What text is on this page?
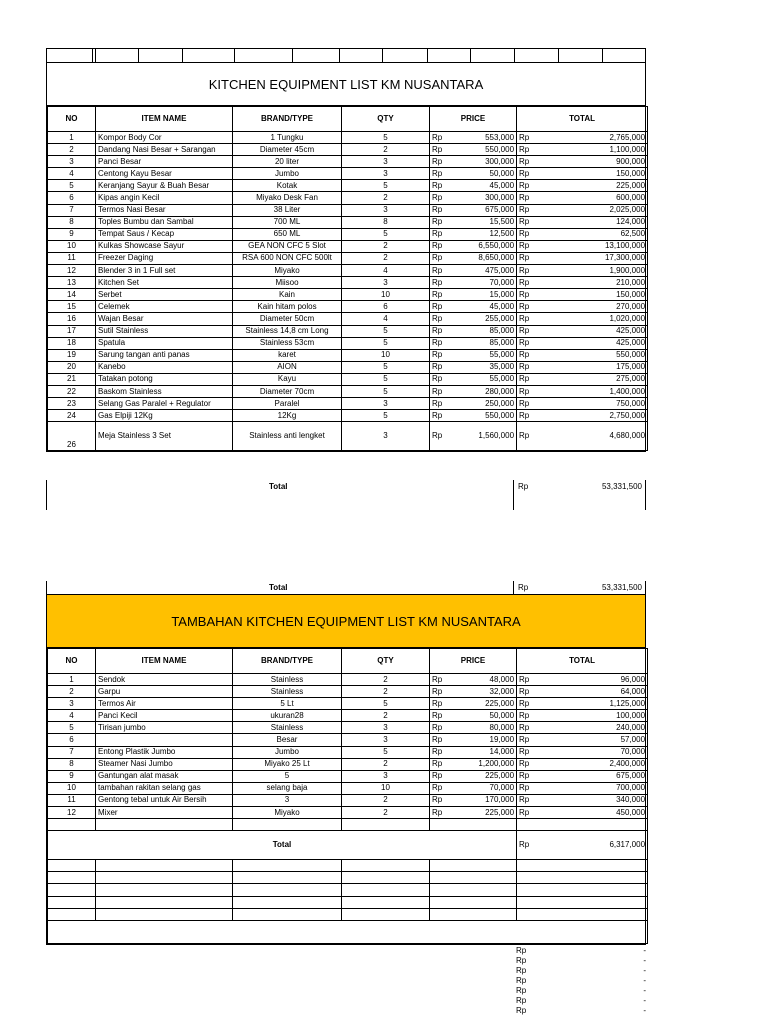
KITCHEN EQUIPMENT LIST KM NUSANTARA
NO	ITEM NAME	BRAND/TYPE	QTY	PRICE		TOTAL	
1	Kompor Body Cor	1 Tungku	5	Rp	553,000	Rp	2,765,000
2	Dandang Nasi Besar + Sarangan	Diameter 45cm	2	Rp	550,000	Rp	1,100,000
3	Panci Besar	20 liter	3	Rp	300,000	Rp	900,000
4	Centong Kayu Besar	Jumbo	3	Rp	50,000	Rp	150,000
5	Keranjang Sayur & Buah Besar	Kotak	5	Rp	45,000	Rp	225,000
6	Kipas angin Kecil	Miyako Desk Fan	2	Rp	300,000	Rp	600,000
7	Termos Nasi Besar	38 Liter	3	Rp	675,000	Rp	2,025,000
8	Toples Bumbu dan Sambal	700 ML	8	Rp	15,500	Rp	124,000
9	Tempat Saus / Kecap	650 ML	5	Rp	12,500	Rp	62,500
10	Kulkas Showcase Sayur	GEA NON CFC 5 Slot	2	Rp	6,550,000	Rp	13,100,000
11	Freezer Daging	RSA 600 NON CFC 500lt	2	Rp	8,650,000	Rp	17,300,000
12	Blender 3 in 1 Full set	Miyako	4	Rp	475,000	Rp	1,900,000
13	Kitchen Set	Miisoo	3	Rp	70,000	Rp	210,000
14	Serbet	Kain	10	Rp	15,000	Rp	150,000
15	Celemek	Kain hitam polos	6	Rp	45,000	Rp	270,000
16	Wajan Besar	Diameter 50cm	4	Rp	255,000	Rp	1,020,000
17	Sutil Stainless	Stainless 14,8 cm Long	5	Rp	85,000	Rp	425,000
18	Spatula	Stainless 53cm	5	Rp	85,000	Rp	425,000
19	Sarung tangan anti panas	karet	10	Rp	55,000	Rp	550,000
20	Kanebo	AION	5	Rp	35,000	Rp	175,000
21	Tatakan potong	Kayu	5	Rp	55,000	Rp	275,000
22	Baskom Stainless	Diameter 70cm	5	Rp	280,000	Rp	1,400,000
23	Selang Gas Paralel + Regulator	Paralel	3	Rp	250,000	Rp	750,000
24	Gas Elpiji 12Kg	12Kg	5	Rp	550,000	Rp	2,750,000
26	Meja Stainless 3 Set	Stainless anti lengket	3	Rp	1,560,000	Rp	4,680,000
Total	Rp	53,331,500
Total	Rp	53,331,500
TAMBAHAN KITCHEN EQUIPMENT LIST KM NUSANTARA
NO	ITEM NAME	BRAND/TYPE	QTY	PRICE		TOTAL	
1	Sendok	Stainless	2	Rp	48,000	Rp	96,000
2	Garpu	Stainless	2	Rp	32,000	Rp	64,000
3	Termos Air	5 Lt	5	Rp	225,000	Rp	1,125,000
4	Panci Kecil	ukuran28	2	Rp	50,000	Rp	100,000
5	Tirisan jumbo	Stainless	3	Rp	80,000	Rp	240,000
6		Besar	3	Rp	19,000	Rp	57,000
7	Entong Plastik Jumbo	Jumbo	5	Rp	14,000	Rp	70,000
8	Steamer Nasi Jumbo	Miyako 25 Lt	2	Rp	1,200,000	Rp	2,400,000
9	Gantungan alat masak	5	3	Rp	225,000	Rp	675,000
10	tambahan rakitan selang gas	selang baja	10	Rp	70,000	Rp	700,000
11	Gentong tebal untuk Air Bersih	3	2	Rp	170,000	Rp	340,000
12	Mixer	Miyako	2	Rp	225,000	Rp	450,000

Total						Rp	6,317,000

Rp	-
Rp	-
Rp	-
Rp	-
Rp	-
Rp	-
Rp	-
